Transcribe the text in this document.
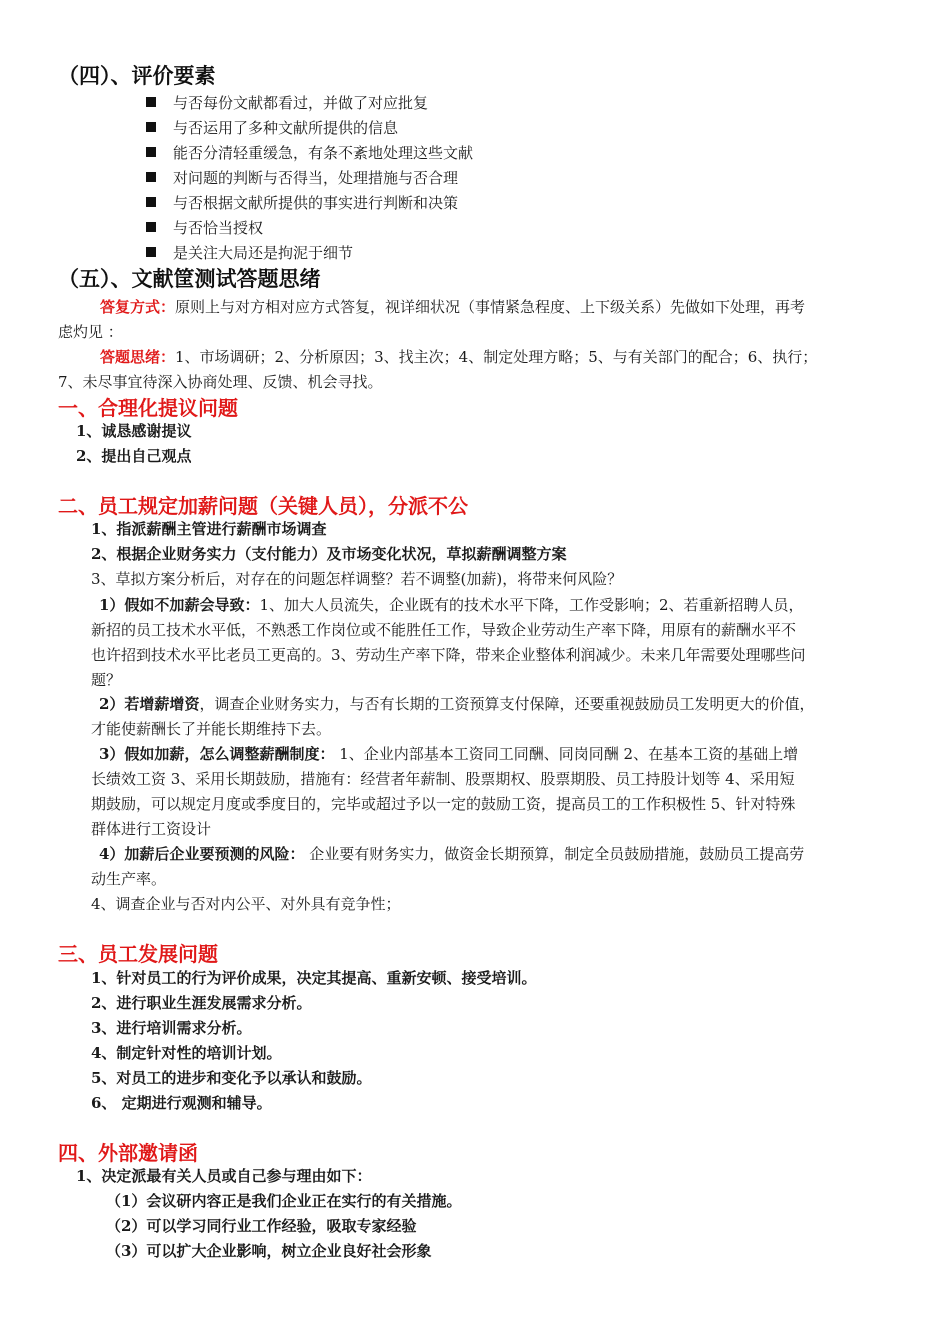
（四）、评价要素
与否每份文献都看过，并做了对应批复
与否运用了多种文献所提供的信息
能否分清轻重缓急，有条不紊地处理这些文献
对问题的判断与否得当，处理措施与否合理
与否根据文献所提供的事实进行判断和决策
与否恰当授权
是关注大局还是拘泥于细节
（五）、文献筐测试答题思绪
答复方式：原则上与对方相对应方式答复，视详细状况（事情紧急程度、上下级关系）先做如下处理，再考
虑灼见 ：
答题思绪：1、市场调研；2、分析原因；3、找主次；4、制定处理方略；5、与有关部门的配合；6、执行；
7、未尽事宜待深入协商处理、反馈、机会寻找。
一、合理化提议问题
1、诚恳感谢提议
2、提出自己观点
二、员工规定加薪问题（关键人员），分派不公
1、指派薪酬主管进行薪酬市场调查
2、根据企业财务实力（支付能力）及市场变化状况，草拟薪酬调整方案
3、草拟方案分析后，对存在的问题怎样调整？若不调整(加薪)，将带来何风险？
1）假如不加薪会导致：1、加大人员流失，企业既有的技术水平下降，工作受影响；2、若重新招聘人员，
新招的员工技术水平低，不熟悉工作岗位或不能胜任工作，导致企业劳动生产率下降，用原有的薪酬水平不
也许招到技术水平比老员工更高的。3、劳动生产率下降，带来企业整体利润减少。未来几年需要处理哪些问
题？
2）若增薪增资，调查企业财务实力，与否有长期的工资预算支付保障，还要重视鼓励员工发明更大的价值，
才能使薪酬长了并能长期维持下去。
3）假如加薪，怎么调整薪酬制度： 1、企业内部基本工资同工同酬、同岗同酬 2、在基本工资的基础上增
长绩效工资 3、采用长期鼓励，措施有：经营者年薪制、股票期权、股票期股、员工持股计划等 4、采用短
期鼓励，可以规定月度或季度目的，完毕或超过予以一定的鼓励工资，提高员工的工作积极性 5、针对特殊
群体进行工资设计
4）加薪后企业要预测的风险： 企业要有财务实力，做资金长期预算，制定全员鼓励措施，鼓励员工提高劳
动生产率。
4、调查企业与否对内公平、对外具有竞争性；
三、员工发展问题
1、针对员工的行为评价成果，决定其提高、重新安顿、接受培训。
2、进行职业生涯发展需求分析。
3、进行培训需求分析。
4、制定针对性的培训计划。
5、对员工的进步和变化予以承认和鼓励。
6、 定期进行观测和辅导。
四、外部邀请函
1、决定派最有关人员或自己参与理由如下：
（1）会议研内容正是我们企业正在实行的有关措施。
（2）可以学习同行业工作经验，吸取专家经验
（3）可以扩大企业影响，树立企业良好社会形象
